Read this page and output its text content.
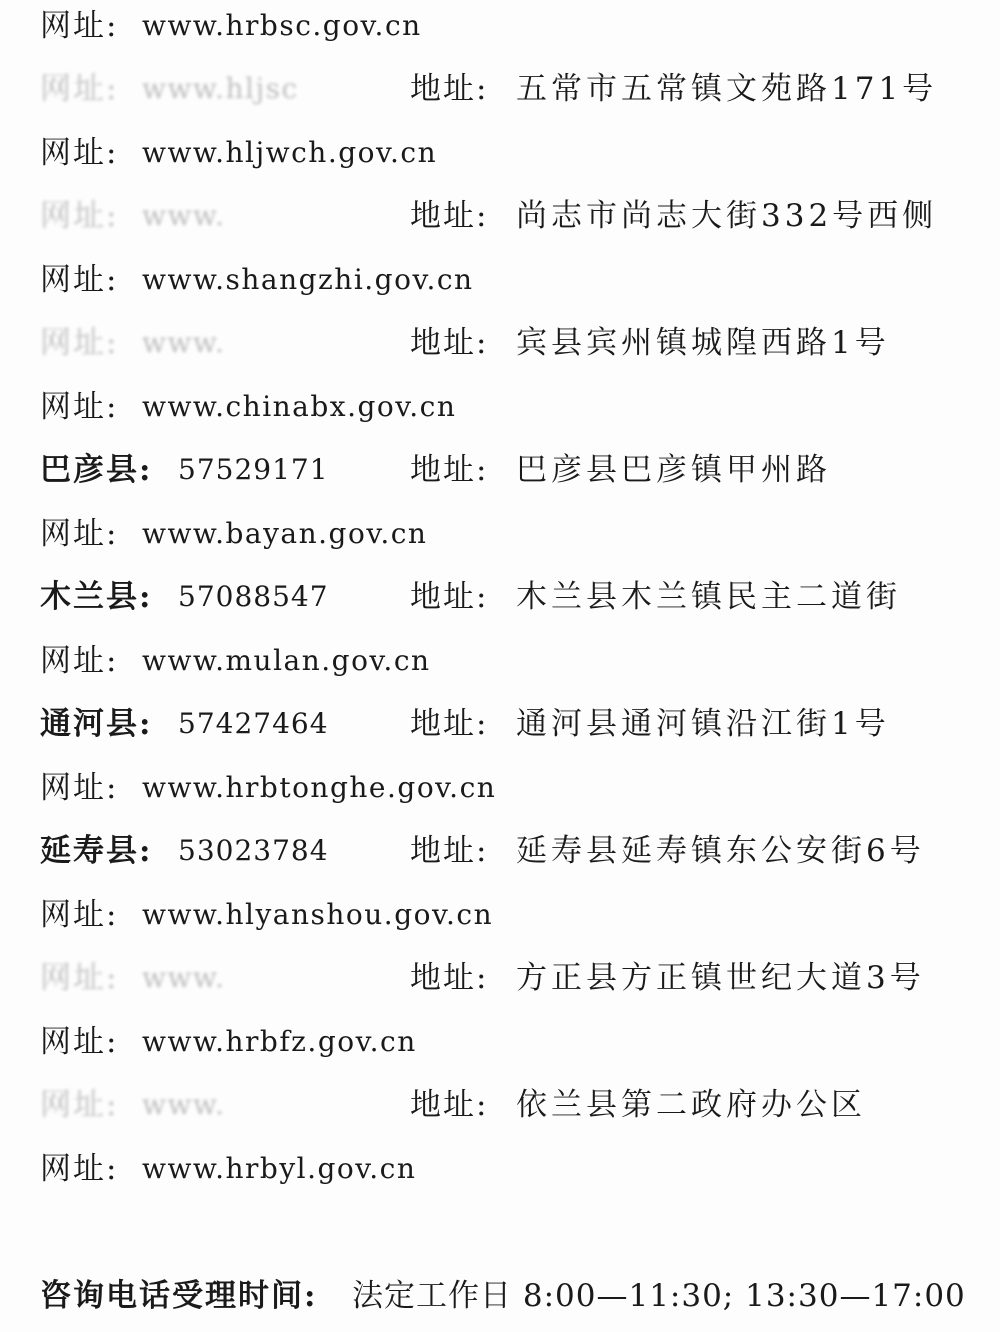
网址: www.hrbsc.gov.cn
网址: www.hljsc	地址: 五常市五常镇文苑路171号
网址: www.hljwch.gov.cn
网址: www.	地址: 尚志市尚志大街332号西侧
网址: www.shangzhi.gov.cn
网址: www.	地址: 宾县宾州镇城隍西路1号
网址: www.chinabx.gov.cn
巴彦县: 57529171	地址: 巴彦县巴彦镇甲州路
网址: www.bayan.gov.cn
木兰县: 57088547	地址: 木兰县木兰镇民主二道街
网址: www.mulan.gov.cn
通河县: 57427464	地址: 通河县通河镇沿江街1号
网址: www.hrbtonghe.gov.cn
延寿县: 53023784	地址: 延寿县延寿镇东公安街6号
网址: www.hlyanshou.gov.cn
网址: www.	地址: 方正县方正镇世纪大道3号
网址: www.hrbfz.gov.cn
网址: www.	地址: 依兰县第二政府办公区
网址: www.hrbyl.gov.cn
咨询电话受理时间: 法定工作日 8:00—11:30; 13:30—17:00
